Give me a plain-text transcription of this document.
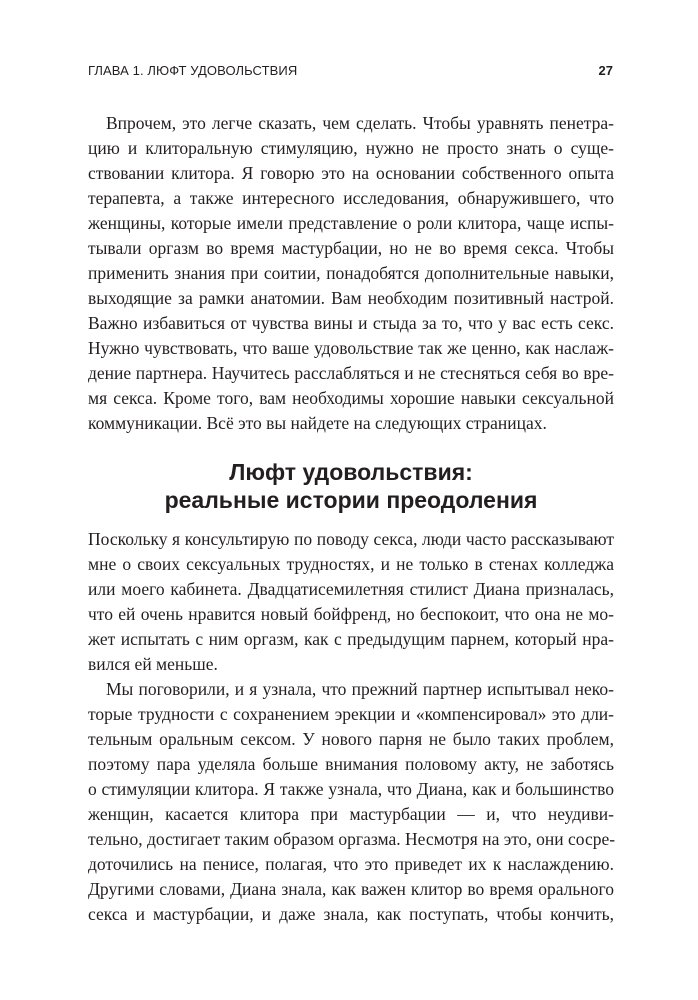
ГЛАВА 1. ЛЮФТ УДОВОЛЬСТВИЯ	27
Впрочем, это легче сказать, чем сделать. Чтобы уравнять пенетра-
цию и клиторальную стимуляцию, нужно не просто знать о суще-
ствовании клитора. Я говорю это на основании собственного опыта
терапевта, а также интересного исследования, обнаружившего, что
женщины, которые имели представление о роли клитора, чаще испы-
тывали оргазм во время мастурбации, но не во время секса. Чтобы
применить знания при соитии, понадобятся дополнительные навыки,
выходящие за рамки анатомии. Вам необходим позитивный настрой.
Важно избавиться от чувства вины и стыда за то, что у вас есть секс.
Нужно чувствовать, что ваше удовольствие так же ценно, как наслаж-
дение партнера. Научитесь расслабляться и не стесняться себя во вре-
мя секса. Кроме того, вам необходимы хорошие навыки сексуальной
коммуникации. Всё это вы найдете на следующих страницах.
Люфт удовольствия:
реальные истории преодоления
Поскольку я консультирую по поводу секса, люди часто рассказывают
мне о своих сексуальных трудностях, и не только в стенах колледжа
или моего кабинета. Двадцатисемилетняя стилист Диана призналась,
что ей очень нравится новый бойфренд, но беспокоит, что она не мо-
жет испытать с ним оргазм, как с предыдущим парнем, который нра-
вился ей меньше.
Мы поговорили, и я узнала, что прежний партнер испытывал неко-
торые трудности с сохранением эрекции и «компенсировал» это дли-
тельным оральным сексом. У нового парня не было таких проблем,
поэтому пара уделяла больше внимания половому акту, не заботясь
о стимуляции клитора. Я также узнала, что Диана, как и большинство
женщин, касается клитора при мастурбации — и, что неудиви-
тельно, достигает таким образом оргазма. Несмотря на это, они сосре-
доточились на пенисе, полагая, что это приведет их к наслаждению.
Другими словами, Диана знала, как важен клитор во время орального
секса и мастурбации, и даже знала, как поступать, чтобы кончить,
